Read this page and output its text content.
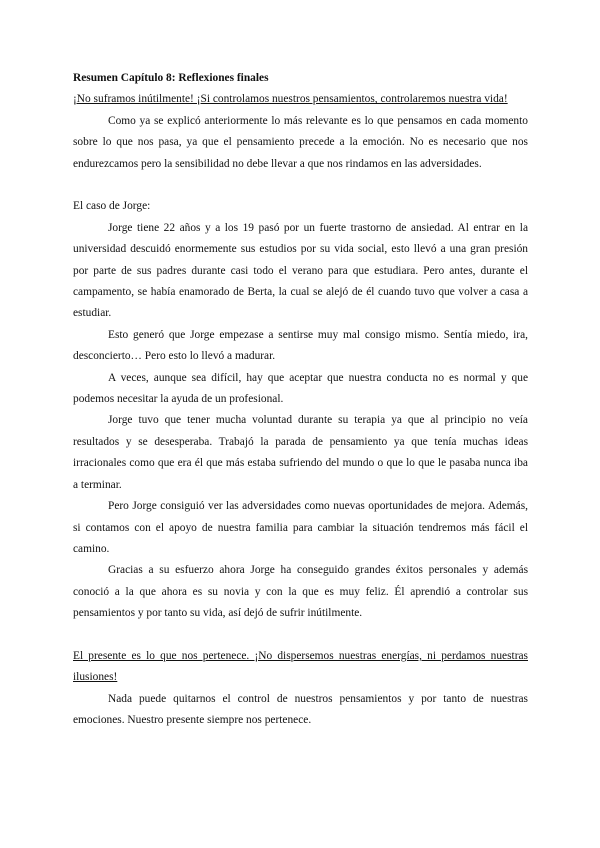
Resumen Capítulo 8: Reflexiones finales

¡No suframos inútilmente! ¡Si controlamos nuestros pensamientos, controlaremos nuestra vida!

Como ya se explicó anteriormente lo más relevante es lo que pensamos en cada momento sobre lo que nos pasa, ya que el pensamiento precede a la emoción. No es necesario que nos endurezcamos pero la sensibilidad no debe llevar a que nos rindamos en las adversidades.

El caso de Jorge:

Jorge tiene 22 años y a los 19 pasó por un fuerte trastorno de ansiedad. Al entrar en la universidad descuidó enormemente sus estudios por su vida social, esto llevó a una gran presión por parte de sus padres durante casi todo el verano para que estudiara. Pero antes, durante el campamento, se había enamorado de Berta, la cual se alejó de él cuando tuvo que volver a casa a estudiar.

Esto generó que Jorge empezase a sentirse muy mal consigo mismo. Sentía miedo, ira, desconcierto… Pero esto lo llevó a madurar.

A veces, aunque sea difícil, hay que aceptar que nuestra conducta no es normal y que podemos necesitar la ayuda de un profesional.

Jorge tuvo que tener mucha voluntad durante su terapia ya que al principio no veía resultados y se desesperaba. Trabajó la parada de pensamiento ya que tenía muchas ideas irracionales como que era él que más estaba sufriendo del mundo o que lo que le pasaba nunca iba a terminar.

Pero Jorge consiguió ver las adversidades como nuevas oportunidades de mejora. Además, si contamos con el apoyo de nuestra familia para cambiar la situación tendremos más fácil el camino.

Gracias a su esfuerzo ahora Jorge ha conseguido grandes éxitos personales y además conoció a la que ahora es su novia y con la que es muy feliz. Él aprendió a controlar sus pensamientos y por tanto su vida, así dejó de sufrir inútilmente.

El presente es lo que nos pertenece. ¡No dispersemos nuestras energías, ni perdamos nuestras ilusiones!

Nada puede quitarnos el control de nuestros pensamientos y por tanto de nuestras emociones. Nuestro presente siempre nos pertenece.
